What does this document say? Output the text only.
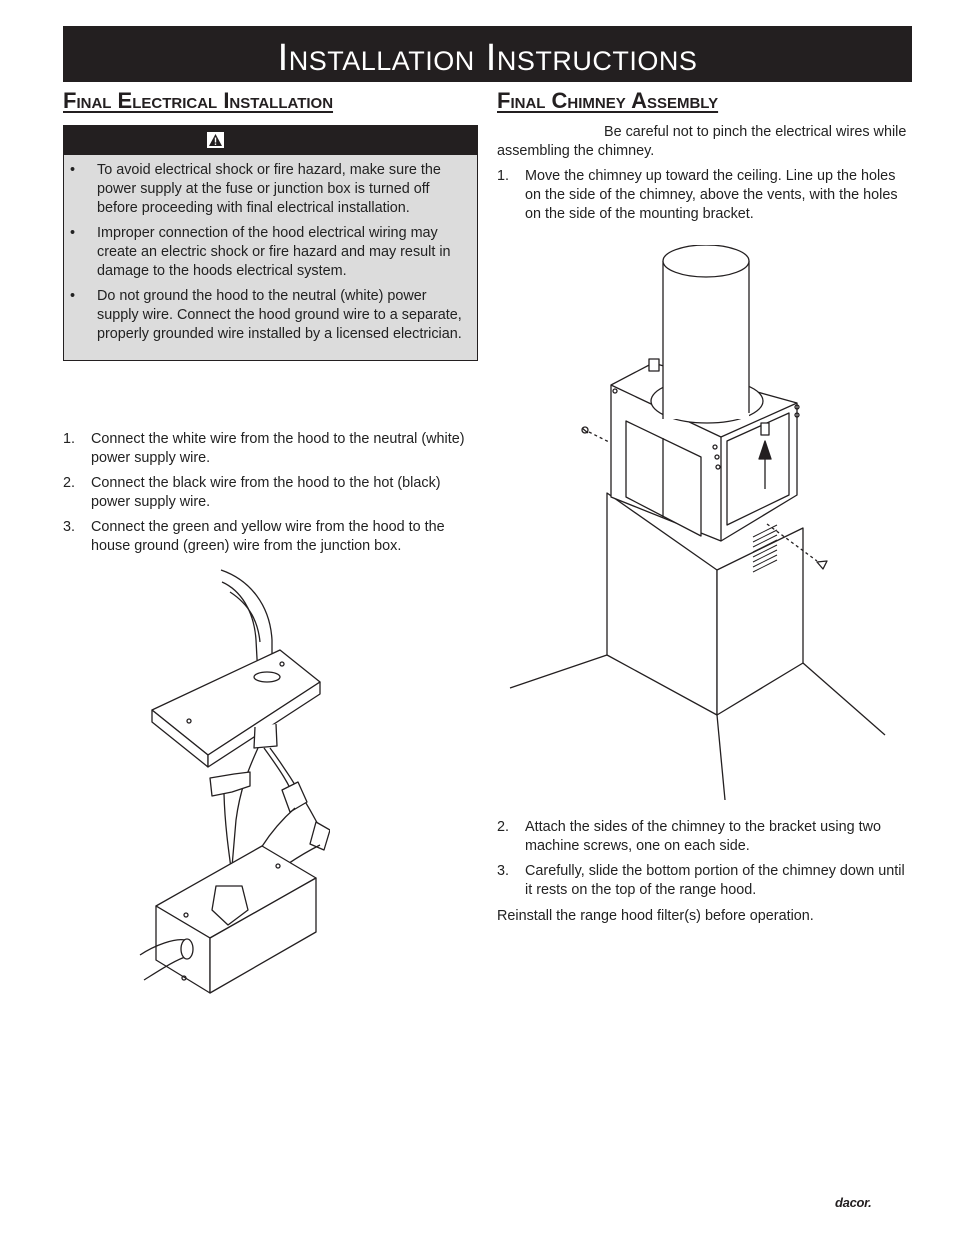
Installation Instructions
Final Electrical Installation
• To avoid electrical shock or fire hazard, make sure the power supply at the fuse or junction box is turned off before proceeding with final electrical installation.
• Improper connection of the hood electrical wiring may create an electric shock or fire hazard and may result in damage to the hoods electrical system.
• Do not ground the hood to the neutral (white) power supply wire. Connect the hood ground wire to a separate, properly grounded wire installed by a licensed electrician.
1. Connect the white wire from the hood to the neutral (white) power supply wire.
2. Connect the black wire from the hood to the hot (black) power supply wire.
3. Connect the green and yellow wire from the hood to the house ground (green) wire from the junction box.
Final Chimney Assembly

Be careful not to pinch the electrical wires while assembling the chimney.

1. Move the chimney up toward the ceiling. Line up the holes on the side of the chimney, above the vents, with the holes on the side of the mounting bracket.
2. Attach the sides of the chimney to the bracket using two machine screws, one on each side.
3. Carefully, slide the bottom portion of the chimney down until it rests on the top of the range hood.

Reinstall the range hood filter(s) before operation.

dacor.
